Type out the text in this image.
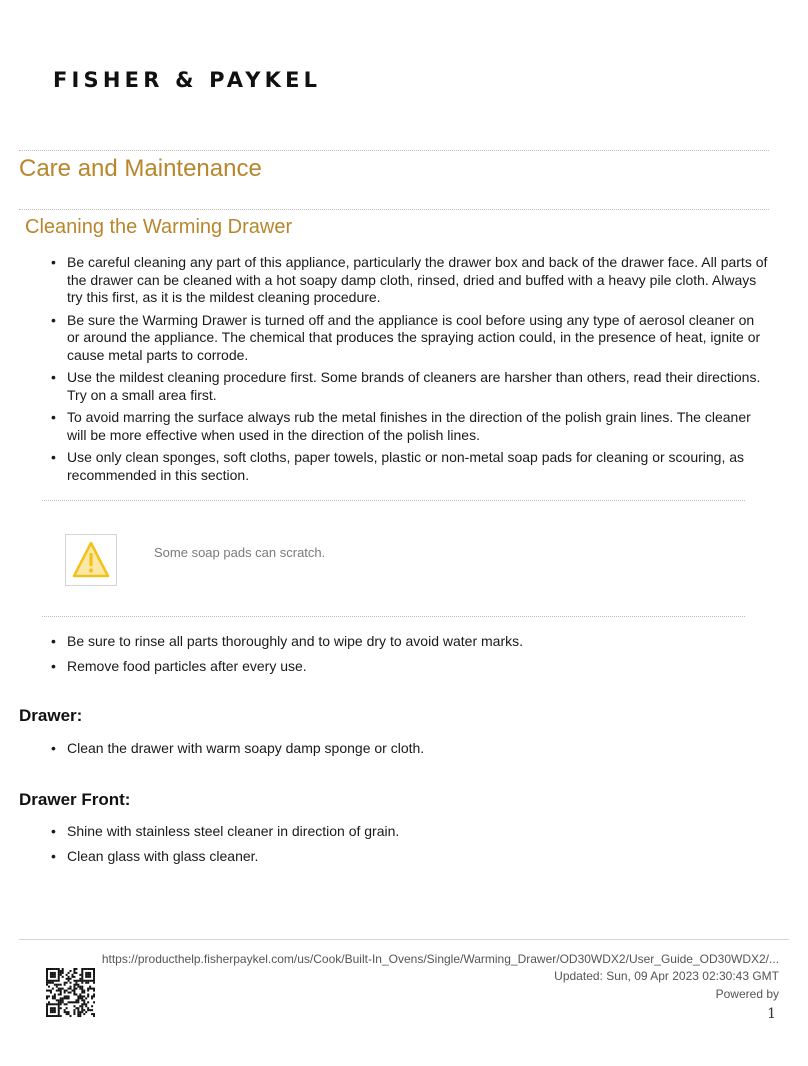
FISHER & PAYKEL
Care and Maintenance
Cleaning the Warming Drawer
• Be careful cleaning any part of this appliance, particularly the drawer box and back of the drawer face. All parts of the drawer can be cleaned with a hot soapy damp cloth, rinsed, dried and buffed with a heavy pile cloth. Always try this first, as it is the mildest cleaning procedure.
• Be sure the Warming Drawer is turned off and the appliance is cool before using any type of aerosol cleaner on or around the appliance. The chemical that produces the spraying action could, in the presence of heat, ignite or cause metal parts to corrode.
• Use the mildest cleaning procedure first. Some brands of cleaners are harsher than others, read their directions. Try on a small area first.
• To avoid marring the surface always rub the metal finishes in the direction of the polish grain lines. The cleaner will be more effective when used in the direction of the polish lines.
• Use only clean sponges, soft cloths, paper towels, plastic or non-metal soap pads for cleaning or scouring, as recommended in this section.
Some soap pads can scratch.
• Be sure to rinse all parts thoroughly and to wipe dry to avoid water marks.
• Remove food particles after every use.
Drawer:
• Clean the drawer with warm soapy damp sponge or cloth.
Drawer Front:
• Shine with stainless steel cleaner in direction of grain.
• Clean glass with glass cleaner.
https://producthelp.fisherpaykel.com/us/Cook/Built-In_Ovens/Single/Warming_Drawer/OD30WDX2/User_Guide_OD30WDX2/...
Updated: Sun, 09 Apr 2023 02:30:43 GMT
Powered by
1
